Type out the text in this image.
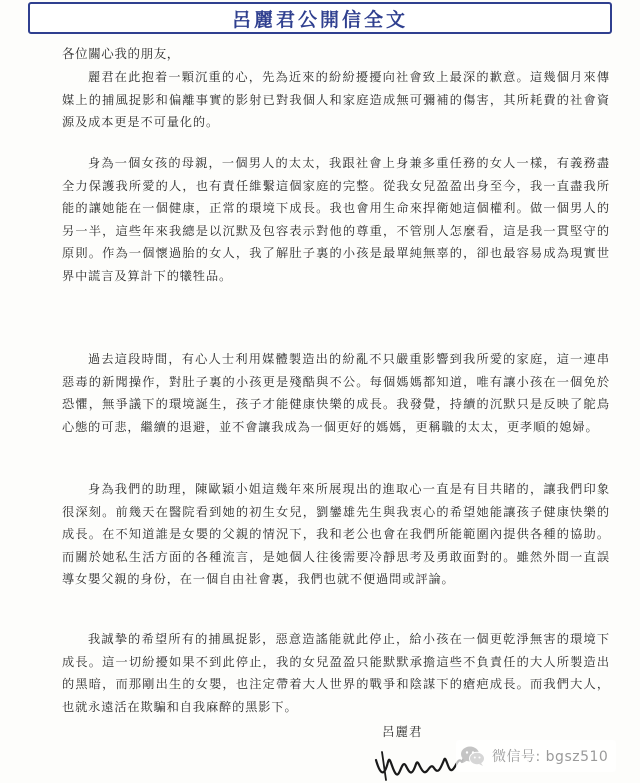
呂麗君公開信全文
各位關心我的朋友，

麗君在此抱着一顆沉重的心，先為近來的紛紛擾擾向社會致上最深的歉意。這幾個月來傳媒上的捕風捉影和偏離事實的影射已對我個人和家庭造成無可彌補的傷害，其所耗費的社會資源及成本更是不可量化的。

身為一個女孩的母親，一個男人的太太，我跟社會上身兼多重任務的女人一樣，有義務盡全力保護我所愛的人，也有責任維繫這個家庭的完整。從我女兒盈盈出身至今，我一直盡我所能的讓她能在一個健康，正常的環境下成長。我也會用生命來捍衛她這個權利。做一個男人的另一半，這些年來我總是以沉默及包容表示對他的尊重，不管別人怎麼看，這是我一貫堅守的原則。作為一個懷過胎的女人，我了解肚子裏的小孩是最單純無辜的，卻也最容易成為現實世界中謊言及算計下的犧牲品。

過去這段時間，有心人士利用媒體製造出的紛亂不只嚴重影響到我所愛的家庭，這一連串惡毒的新聞操作，對肚子裏的小孩更是殘酷與不公。每個媽媽都知道，唯有讓小孩在一個免於恐懼，無爭議下的環境誕生，孩子才能健康快樂的成長。我發覺，持續的沉默只是反映了鴕鳥心態的可悲，繼續的退避，並不會讓我成為一個更好的媽媽，更稱職的太太，更孝順的媳婦。

身為我們的助理，陳歐穎小姐這幾年來所展現出的進取心一直是有目共睹的，讓我們印象很深刻。前幾天在醫院看到她的初生女兒，劉鑾雄先生與我衷心的希望她能讓孩子健康快樂的成長。在不知道誰是女嬰的父親的情況下，我和老公也會在我們所能範圍內提供各種的協助。而關於她私生活方面的各種流言，是她個人往後需要冷靜思考及勇敢面對的。雖然外間一直誤導女嬰父親的身份，在一個自由社會裏，我們也就不便過問或評論。

我誠摯的希望所有的捕風捉影，惡意造謠能就此停止，給小孩在一個更乾淨無害的環境下成長。這一切紛擾如果不到此停止，我的女兒盈盈只能默默承擔這些不負責任的大人所製造出的黑暗，而那剛出生的女嬰，也注定帶着大人世界的戰爭和陰謀下的瘡疤成長。而我們大人，也就永遠活在欺騙和自我麻醉的黑影下。

呂麗君
微信号: bgsz510
